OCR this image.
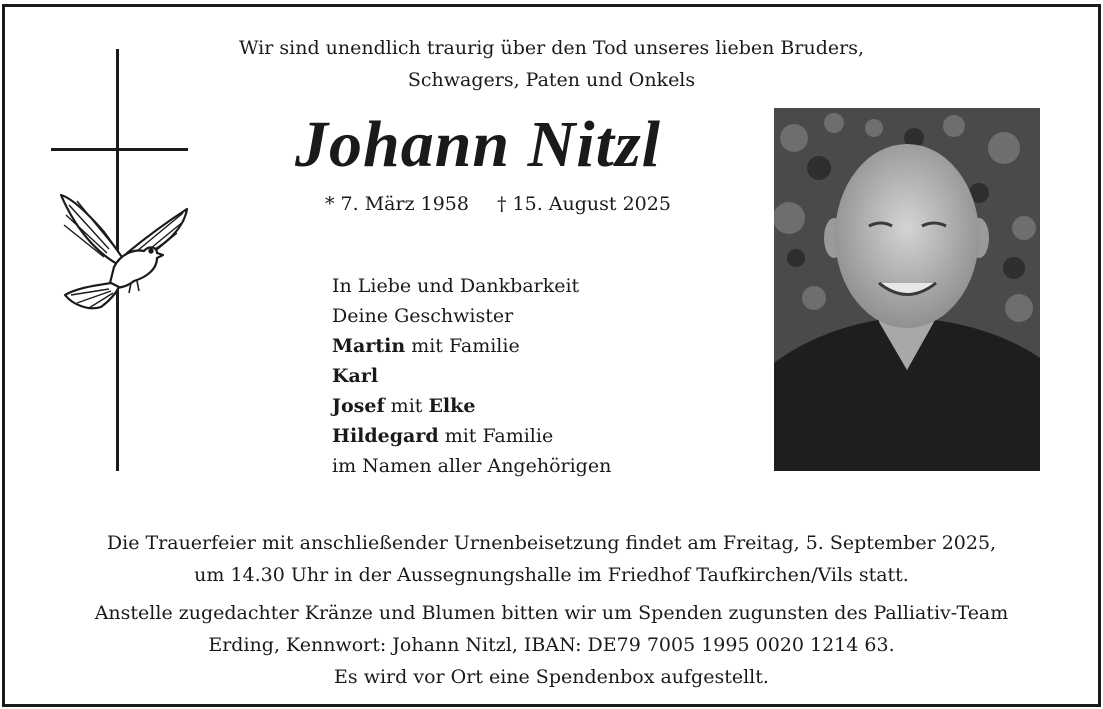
Wir sind unendlich traurig über den Tod unseres lieben Bruders,
Schwagers, Paten und Onkels
Johann Nitzl
* 7. März 1958 † 15. August 2025
In Liebe und Dankbarkeit
Deine Geschwister
Martin mit Familie
Karl
Josef mit Elke
Hildegard mit Familie
im Namen aller Angehörigen

Die Trauerfeier mit anschließender Urnenbeisetzung findet am Freitag, 5. September 2025,

um 14.30 Uhr in der Aussegnungshalle im Friedhof Taufkirchen/Vils statt.

Anstelle zugedachter Kränze und Blumen bitten wir um Spenden zugunsten des Palliativ-Team

Erding, Kennwort: Johann Nitzl, IBAN: DE79 7005 1995 0020 1214 63.

Es wird vor Ort eine Spendenbox aufgestellt.
